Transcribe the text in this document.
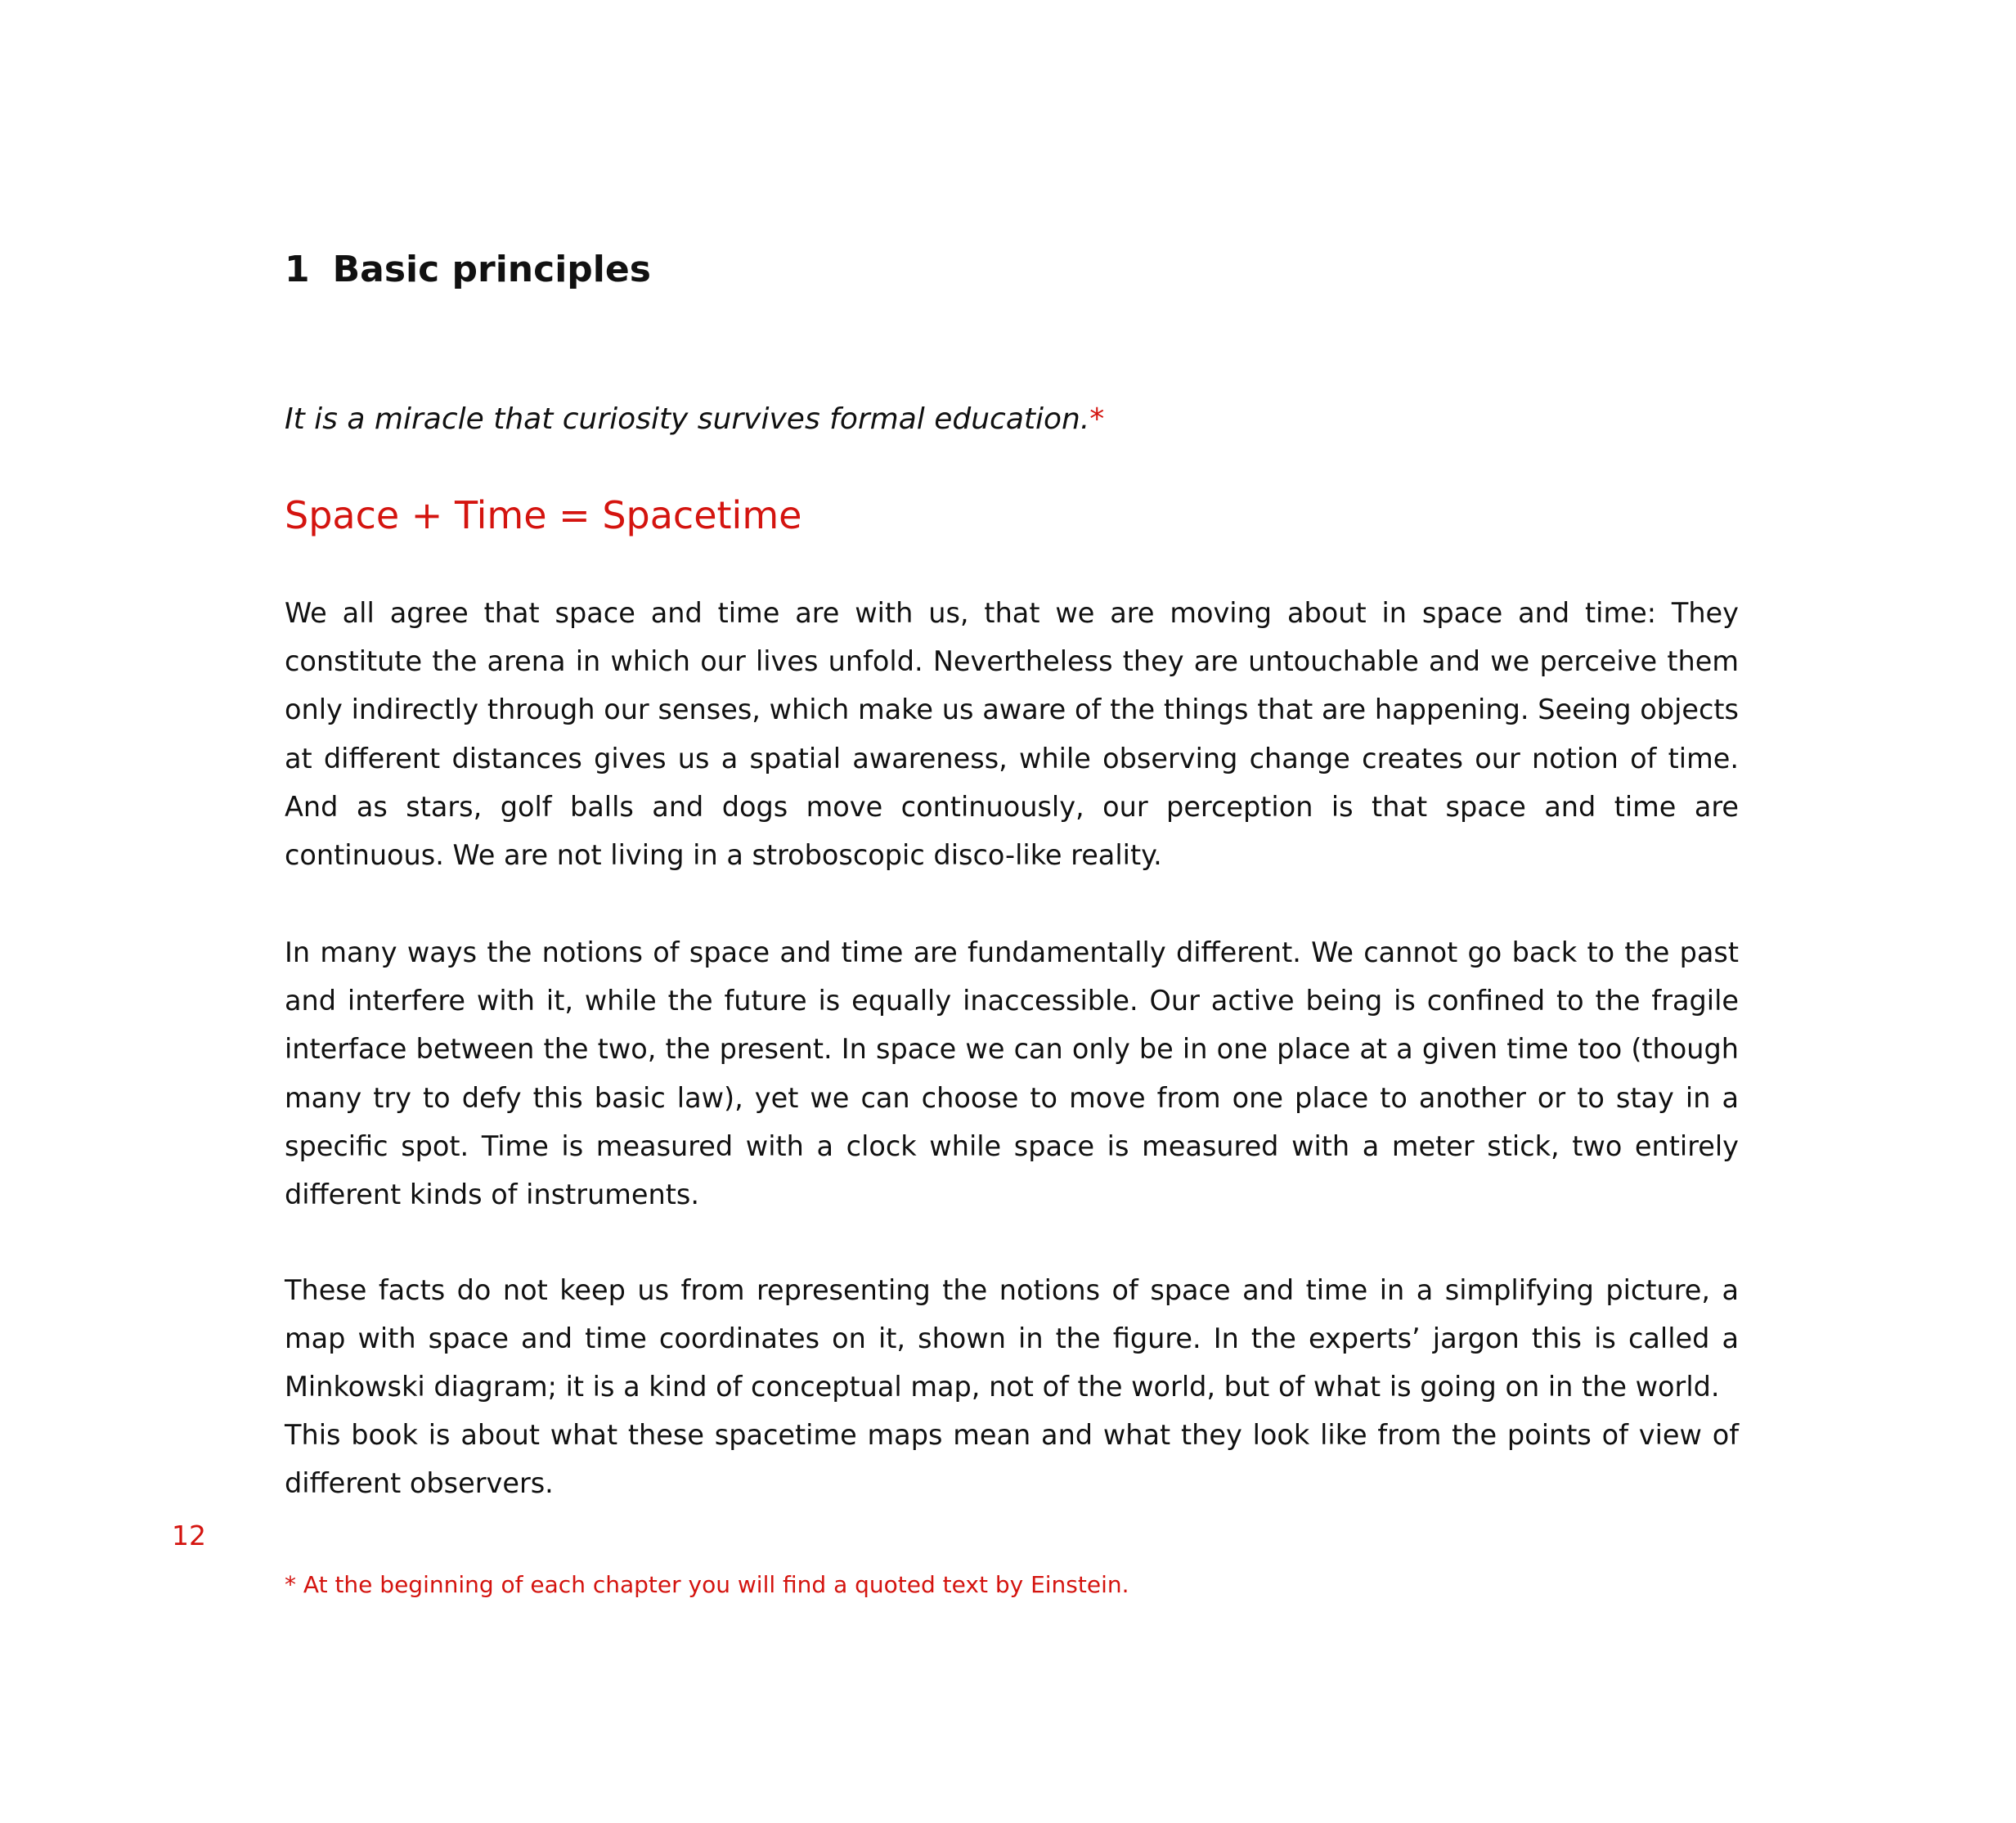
1 Basic principles

It is a miracle that curiosity survives formal education.*

Space + Time = Spacetime

We all agree that space and time are with us, that we are moving about in space and time: They constitute the arena in which our lives unfold. Nevertheless they are untouchable and we perceive them only indirectly through our senses, which make us aware of the things that are happening. Seeing objects at different distances gives us a spatial awareness, while observing change creates our notion of time. And as stars, golf balls and dogs move continuously, our perception is that space and time are continuous. We are not living in a stroboscopic disco-like reality.

In many ways the notions of space and time are fundamentally different. We cannot go back to the past and interfere with it, while the future is equally inaccessible. Our active being is confined to the fragile interface between the two, the present. In space we can only be in one place at a given time too (though many try to defy this basic law), yet we can choose to move from one place to another or to stay in a specific spot. Time is measured with a clock while space is measured with a meter stick, two entirely different kinds of instruments.

These facts do not keep us from representing the notions of space and time in a simplifying picture, a map with space and time coordinates on it, shown in the figure. In the experts’ jargon this is called a Minkowski diagram; it is a kind of conceptual map, not of the world, but of what is going on in the world.

This book is about what these spacetime maps mean and what they look like from the points of view of different observers.

12

* At the beginning of each chapter you will find a quoted text by Einstein.
